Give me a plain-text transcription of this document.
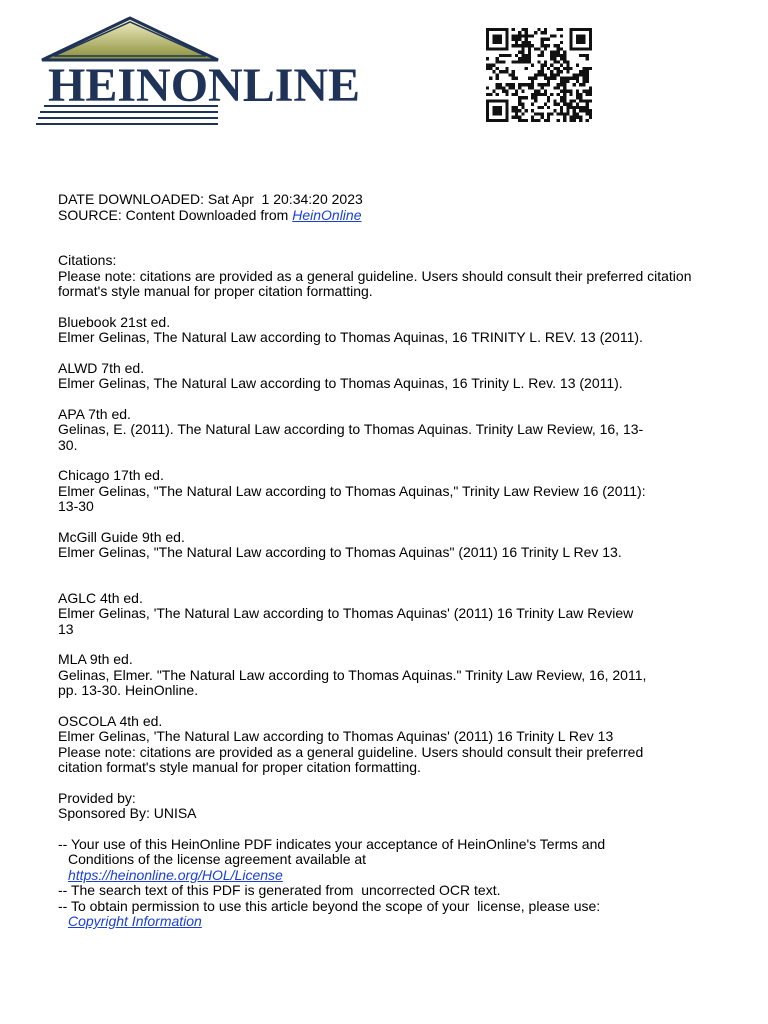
HEINONLINE

DATE DOWNLOADED: Sat Apr  1 20:34:20 2023

SOURCE: Content Downloaded from HeinOnline

Citations:

Please note: citations are provided as a general guideline. Users should consult their preferred citation format's style manual for proper citation formatting.

Bluebook 21st ed.

Elmer Gelinas, The Natural Law according to Thomas Aquinas, 16 TRINITY L. REV. 13 (2011).

ALWD 7th ed.

Elmer Gelinas, The Natural Law according to Thomas Aquinas, 16 Trinity L. Rev. 13 (2011).

APA 7th ed.

Gelinas, E. (2011). The Natural Law according to Thomas Aquinas. Trinity Law Review, 16, 13-30.

Chicago 17th ed.

Elmer Gelinas, "The Natural Law according to Thomas Aquinas," Trinity Law Review 16 (2011): 13-30

McGill Guide 9th ed.

Elmer Gelinas, "The Natural Law according to Thomas Aquinas" (2011) 16 Trinity L Rev 13.

AGLC 4th ed.

Elmer Gelinas, 'The Natural Law according to Thomas Aquinas' (2011) 16 Trinity Law Review 13

MLA 9th ed.

Gelinas, Elmer. "The Natural Law according to Thomas Aquinas." Trinity Law Review, 16, 2011, pp. 13-30. HeinOnline.

OSCOLA 4th ed.

Elmer Gelinas, 'The Natural Law according to Thomas Aquinas' (2011) 16 Trinity L Rev 13               Please note: citations are provided as a general guideline. Users should consult their preferred citation format's style manual for proper citation formatting.

Provided by:

Sponsored By: UNISA

-- Your use of this HeinOnline PDF indicates your acceptance of HeinOnline's Terms and

Conditions of the license agreement available at

https://heinonline.org/HOL/License

-- The search text of this PDF is generated from  uncorrected OCR text.

-- To obtain permission to use this article beyond the scope of your  license, please use:

Copyright Information
